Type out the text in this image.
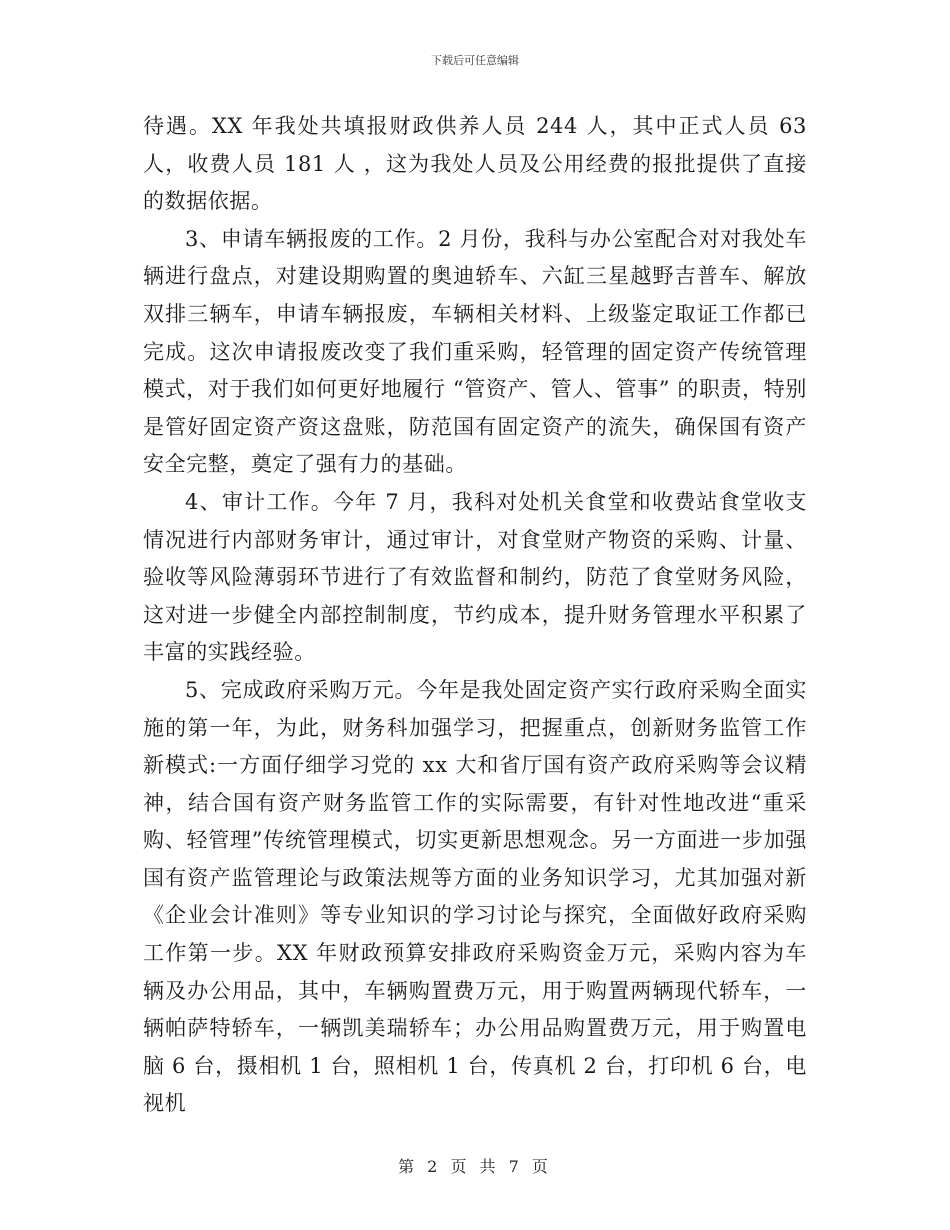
下载后可任意编辑

待遇。XX 年我处共填报财政供养人员 244 人，其中正式人员 63 人，收费人员 181 人 ，这为我处人员及公用经费的报批提供了直接的数据依据。

3、申请车辆报废的工作。2 月份，我科与办公室配合对对我处车辆进行盘点，对建设期购置的奥迪轿车、六缸三星越野吉普车、解放双排三辆车，申请车辆报废，车辆相关材料、上级鉴定取证工作都已完成。这次申请报废改变了我们重采购，轻管理的固定资产传统管理模式，对于我们如何更好地履行 “管资产、管人、管事” 的职责，特别是管好固定资产资这盘账，防范国有固定资产的流失，确保国有资产安全完整，奠定了强有力的基础。

4、审计工作。今年 7 月，我科对处机关食堂和收费站食堂收支情况进行内部财务审计，通过审计，对食堂财产物资的采购、计量、验收等风险薄弱环节进行了有效监督和制约，防范了食堂财务风险，这对进一步健全内部控制制度，节约成本，提升财务管理水平积累了丰富的实践经验。

5、完成政府采购万元。今年是我处固定资产实行政府采购全面实施的第一年，为此，财务科加强学习，把握重点，创新财务监管工作新模式:一方面仔细学习党的 xx 大和省厅国有资产政府采购等会议精神，结合国有资产财务监管工作的实际需要，有针对性地改进“重采购、轻管理”传统管理模式，切实更新思想观念。另一方面进一步加强国有资产监管理论与政策法规等方面的业务知识学习，尤其加强对新《企业会计准则》等专业知识的学习讨论与探究，全面做好政府采购工作第一步。XX 年财政预算安排政府采购资金万元，采购内容为车辆及办公用品，其中，车辆购置费万元，用于购置两辆现代轿车，一辆帕萨特轿车，一辆凯美瑞轿车；办公用品购置费万元，用于购置电脑 6 台，摄相机 1 台，照相机 1 台，传真机 2 台，打印机 6 台，电视机

第 2 页 共 7 页
